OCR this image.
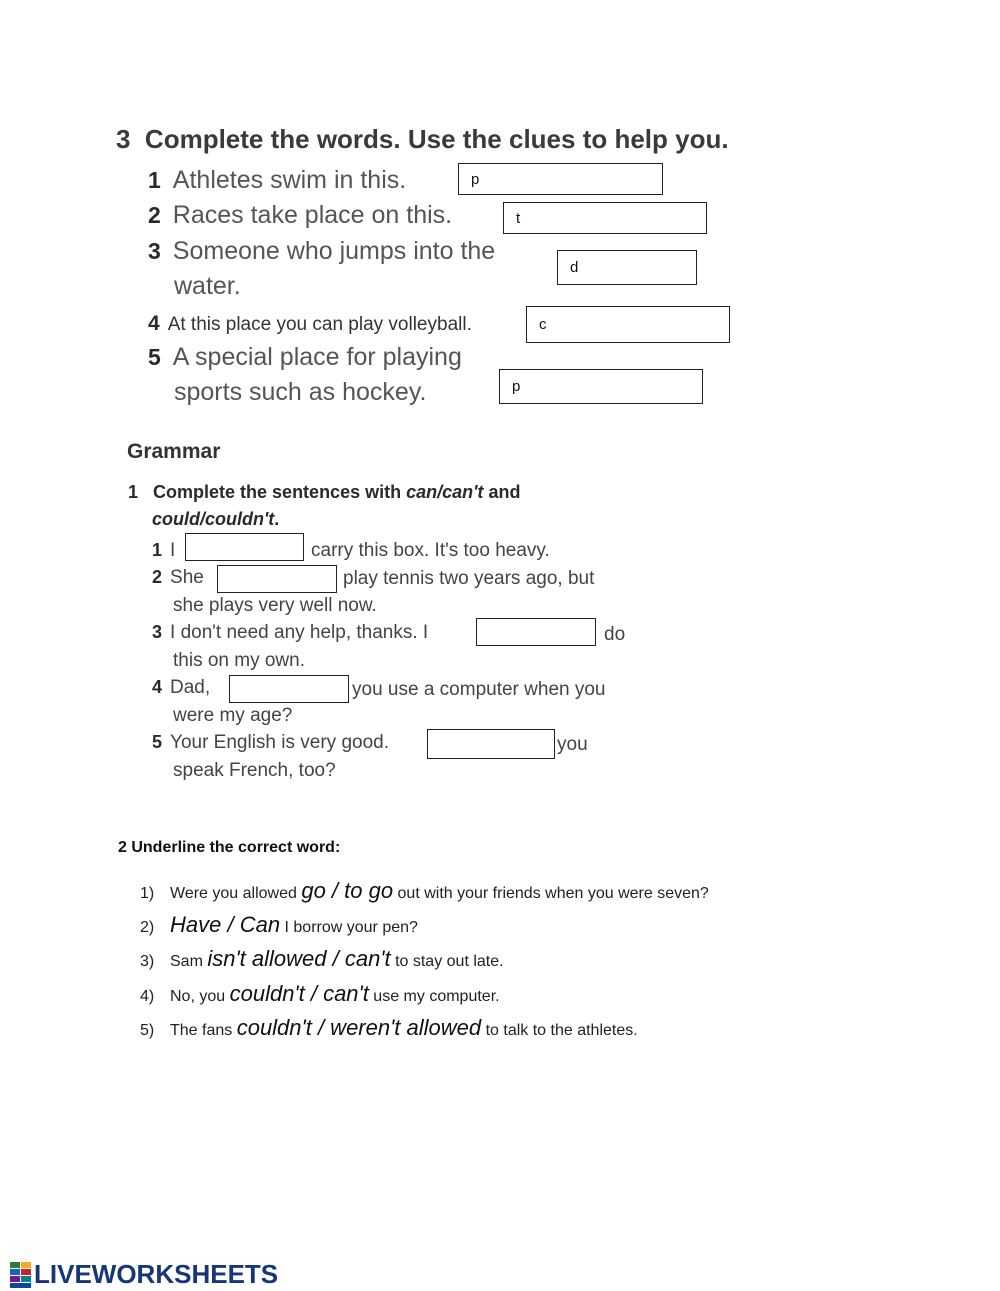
3 Complete the words. Use the clues to help you.
1 Athletes swim in this.
p
2 Races take place on this.
t
3 Someone who jumps into the
water.
d
4 At this place you can play volleyball.
c
5 A special place for playing
sports such as hockey.
p
Grammar
1 Complete the sentences with can/can't and
could/couldn't.
1 I	carry this box. It's too heavy.
2 She	play tennis two years ago, but
she plays very well now.
3 I don't need any help, thanks. I	do
this on my own.
4 Dad,	you use a computer when you
were my age?
5 Your English is very good.	you
speak French, too?
2 Underline the correct word:
1) Were you allowed go / to go out with your friends when you were seven?
2) Have / Can I borrow your pen?
3) Sam isn't allowed / can't to stay out late.
4) No, you couldn't / can't use my computer.
5) The fans couldn't / weren't allowed to talk to the athletes.
LIVEWORKSHEETS
